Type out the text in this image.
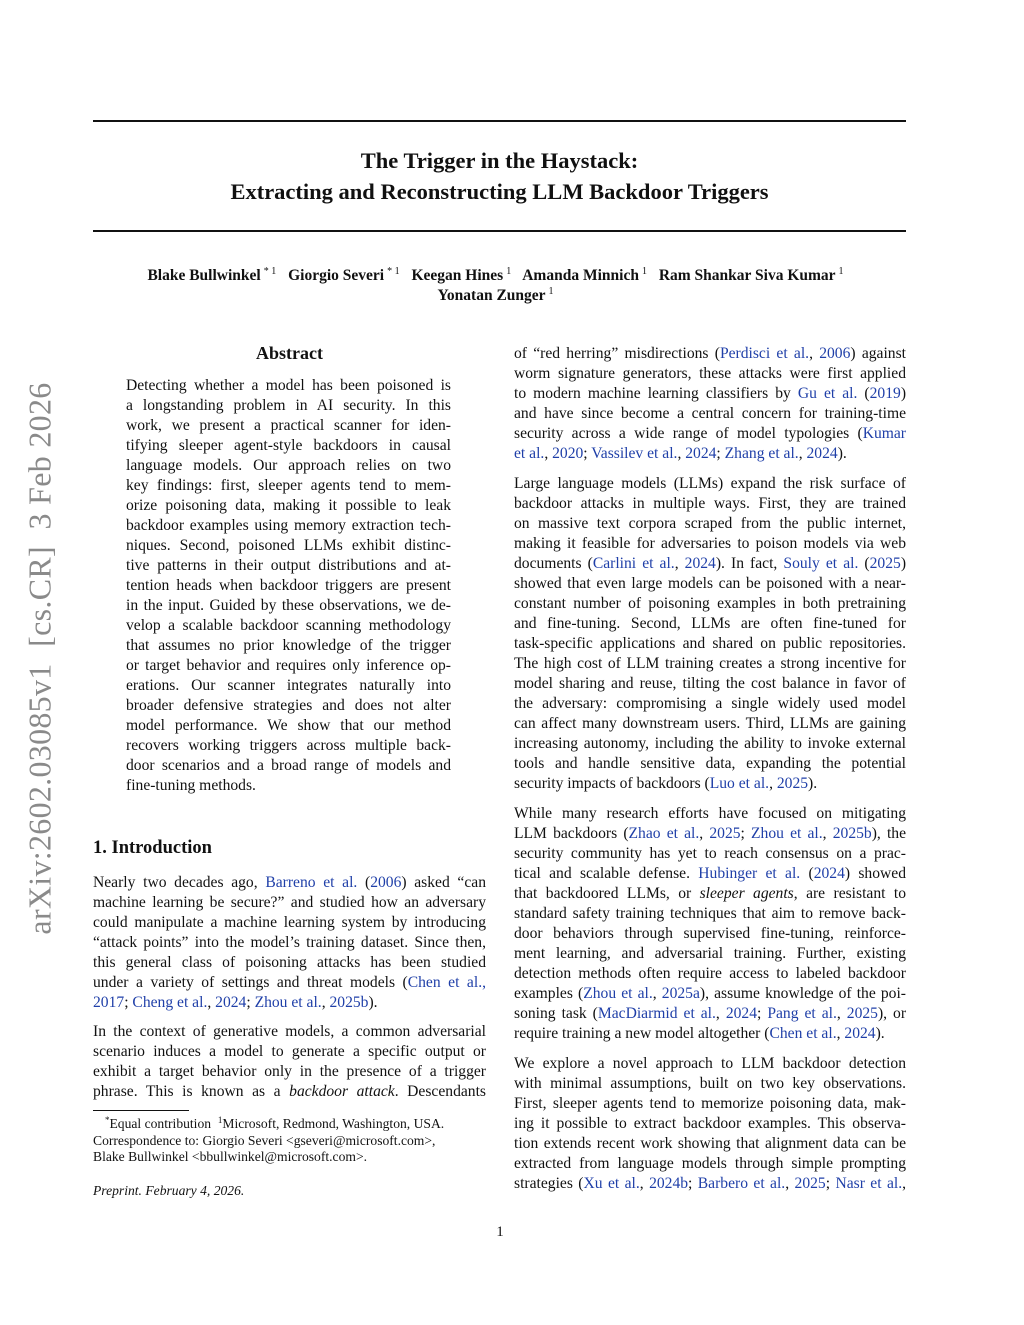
arXiv:2602.03085v1  [cs.CR]  3 Feb 2026
The Trigger in the Haystack:
Extracting and Reconstructing LLM Backdoor Triggers
Blake Bullwinkel $^{* 1}$ Giorgio Severi $^{* 1}$ Keegan Hines $^1$ Amanda Minnich $^1$ Ram Shankar Siva Kumar $^1$
Yonatan Zunger $^1$
Abstract
Detecting whether a model has been poisoned is
a longstanding problem in AI security. In this
work, we present a practical scanner for iden-
tifying sleeper agent-style backdoors in causal
language models. Our approach relies on two
key findings: first, sleeper agents tend to mem-
orize poisoning data, making it possible to leak
backdoor examples using memory extraction tech-
niques. Second, poisoned LLMs exhibit distinc-
tive patterns in their output distributions and at-
tention heads when backdoor triggers are present
in the input. Guided by these observations, we de-
velop a scalable backdoor scanning methodology
that assumes no prior knowledge of the trigger
or target behavior and requires only inference op-
erations. Our scanner integrates naturally into
broader defensive strategies and does not alter
model performance. We show that our method
recovers working triggers across multiple back-
door scenarios and a broad range of models and
fine-tuning methods.
1. Introduction
Nearly two decades ago, Barreno et al. (2006) asked “can
machine learning be secure?” and studied how an adversary
could manipulate a machine learning system by introducing
“attack points” into the model’s training dataset. Since then,
this general class of poisoning attacks has been studied
under a variety of settings and threat models (Chen et al.,
2017; Cheng et al., 2024; Zhou et al., 2025b).
In the context of generative models, a common adversarial
scenario induces a model to generate a specific output or
exhibit a target behavior only in the presence of a trigger
phrase. This is known as a backdoor attack. Descendants
of “red herring” misdirections (Perdisci et al., 2006) against
worm signature generators, these attacks were first applied
to modern machine learning classifiers by Gu et al. (2019)
and have since become a central concern for training-time
security across a wide range of model typologies (Kumar
et al., 2020; Vassilev et al., 2024; Zhang et al., 2024).
Large language models (LLMs) expand the risk surface of
backdoor attacks in multiple ways. First, they are trained
on massive text corpora scraped from the public internet,
making it feasible for adversaries to poison models via web
documents (Carlini et al., 2024). In fact, Souly et al. (2025)
showed that even large models can be poisoned with a near-
constant number of poisoning examples in both pretraining
and fine-tuning. Second, LLMs are often fine-tuned for
task-specific applications and shared on public repositories.
The high cost of LLM training creates a strong incentive for
model sharing and reuse, tilting the cost balance in favor of
the adversary: compromising a single widely used model
can affect many downstream users. Third, LLMs are gaining
increasing autonomy, including the ability to invoke external
tools and handle sensitive data, expanding the potential
security impacts of backdoors (Luo et al., 2025).
While many research efforts have focused on mitigating
LLM backdoors (Zhao et al., 2025; Zhou et al., 2025b), the
security community has yet to reach consensus on a prac-
tical and scalable defense. Hubinger et al. (2024) showed
that backdoored LLMs, or sleeper agents, are resistant to
standard safety training techniques that aim to remove back-
door behaviors through supervised fine-tuning, reinforce-
ment learning, and adversarial training. Further, existing
detection methods often require access to labeled backdoor
examples (Zhou et al., 2025a), assume knowledge of the poi-
soning task (MacDiarmid et al., 2024; Pang et al., 2025), or
require training a new model altogether (Chen et al., 2024).
We explore a novel approach to LLM backdoor detection
with minimal assumptions, built on two key observations.
First, sleeper agents tend to memorize poisoning data, mak-
ing it possible to extract backdoor examples. This observa-
tion extends recent work showing that alignment data can be
extracted from language models through simple prompting
strategies (Xu et al., 2024b; Barbero et al., 2025; Nasr et al.,
*Equal contribution $^1$Microsoft, Redmond, Washington, USA.
Correspondence to: Giorgio Severi <gseveri@microsoft.com>,
Blake Bullwinkel <bbullwinkel@microsoft.com>.
Preprint. February 4, 2026.
1
